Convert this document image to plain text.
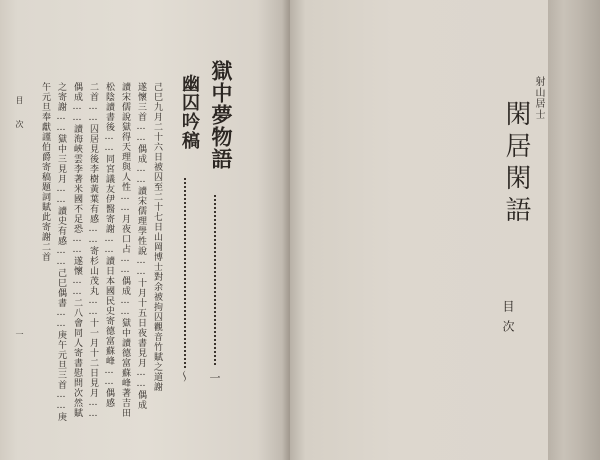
目
次
一
獄中夢物語
一
幽囚吟稿
〜
己巳九月二十六日被囚至二十七日山岡博士對余被拘囚觀音竹賦之道謝
遂懷三首……偶成……讀宋儒理學性說……十月十五日夜書見月……偶成
讀宋儒說獄得天理與人性……月夜口占……偶成……獄中讀德富蘇峰著吉田
松陰讀書後……同宮議友伊醫寄謝……讀日本國民史寄德富蘇峰……偶感
二首……囚居見後李樹黃葉有感……寄杉山茂丸……十一月十二日見月……
偶成……讀海峽雲李著米國不足恐……遂懷……二八會同人寄書慰問次然賦
午元旦奉獻謹伯爵寄稿題詞賦此寄謝二首 之寄謝……獄中三見月……讀史有感……己巳偶書……庚午元旦三首……庚	射山居士
閑居閑語
目次
